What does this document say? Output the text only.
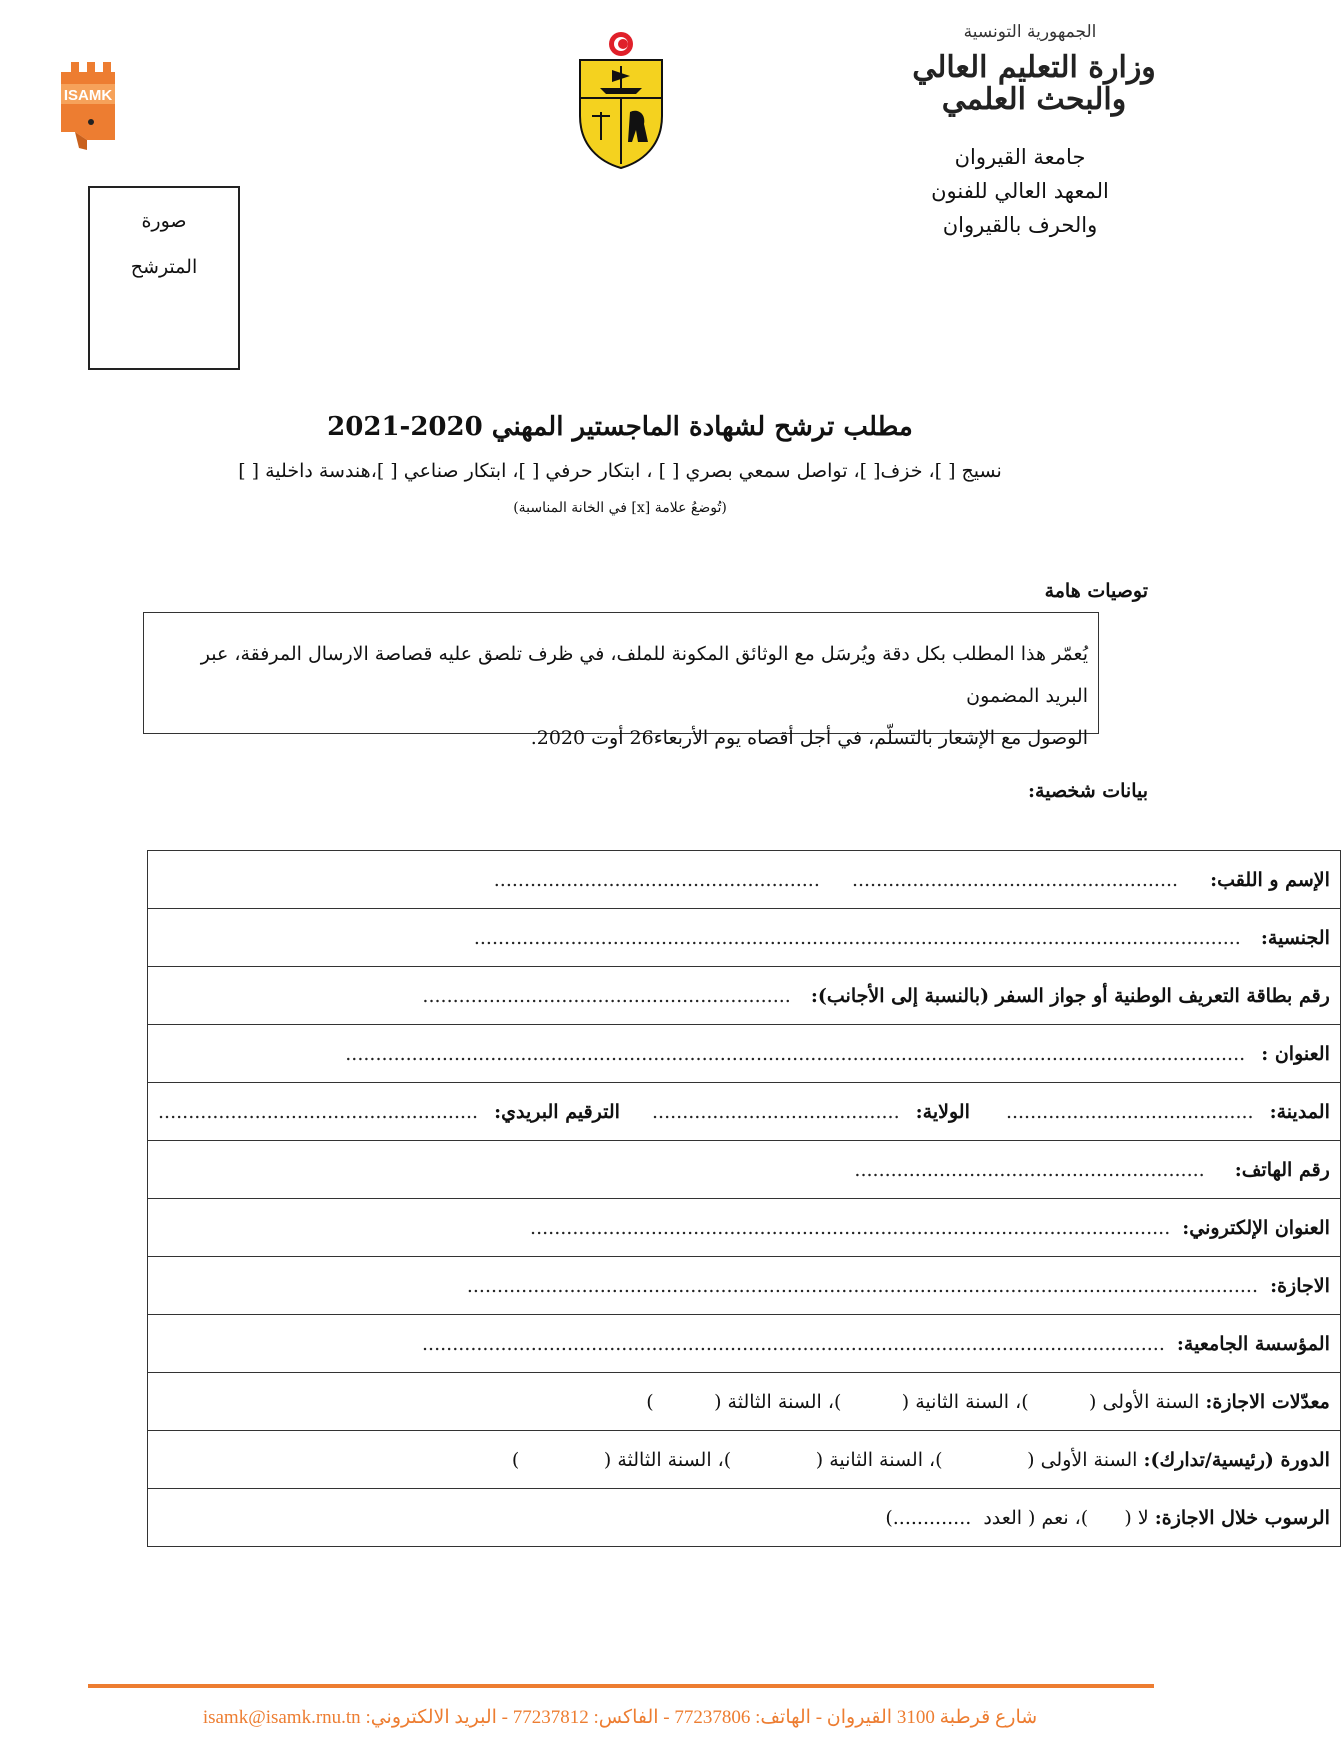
ISAMK
الجمهورية التونسية
وزارة التعليم العالي
والبحث العلمي
جامعة القيروان
المعهد العالي للفنون
والحرف بالقيروان
صورة
المترشح
مطلب ترشح لشهادة الماجستير المهني 2020-2021
نسيج [ ]، خزف[ ]، تواصل سمعي بصري [ ] ، ابتكار حرفي [ ]، ابتكار صناعي [ ]،هندسة داخلية [ ]
(تُوضعُ علامة [x] في الخانة المناسبة)
توصيات هامة
يُعمّر هذا المطلب بكل دقة ويُرسَل مع الوثائق المكونة للملف، في ظرف تلصق عليه قصاصة الارسال المرفقة، عبر البريد المضمون
الوصول مع الإشعار بالتسلّم، في أجل أقصاه يوم الأربعاء26 أوت 2020.
بيانات شخصية:
الإسم و اللقب: ...................................................... ......................................................
الجنسية: ...............................................................................................................................
رقم بطاقة التعريف الوطنية أو جواز السفر (بالنسبة إلى الأجانب): .............................................................
العنوان : .....................................................................................................................................................
المدينة: ......................................... الولاية: ......................................... الترقيم البريدي: .....................................................
رقم الهاتف: ..........................................................
العنوان الإلكتروني: ..........................................................................................................
الاجازة: ...................................................................................................................................
المؤسسة الجامعية: ...........................................................................................................................
معدّلات الاجازة: السنة الأولى (          )، السنة الثانية (          )، السنة الثالثة (          )
الدورة (رئيسية/تدارك): السنة الأولى (              )، السنة الثانية (              )، السنة الثالثة (              )
الرسوب خلال الاجازة: لا (      )، نعم ( العدد  .............)
شارع قرطبة 3100 القيروان - الهاتف: 77237806 - الفاكس: 77237812 - البريد الالكتروني: isamk@isamk.rnu.tn
